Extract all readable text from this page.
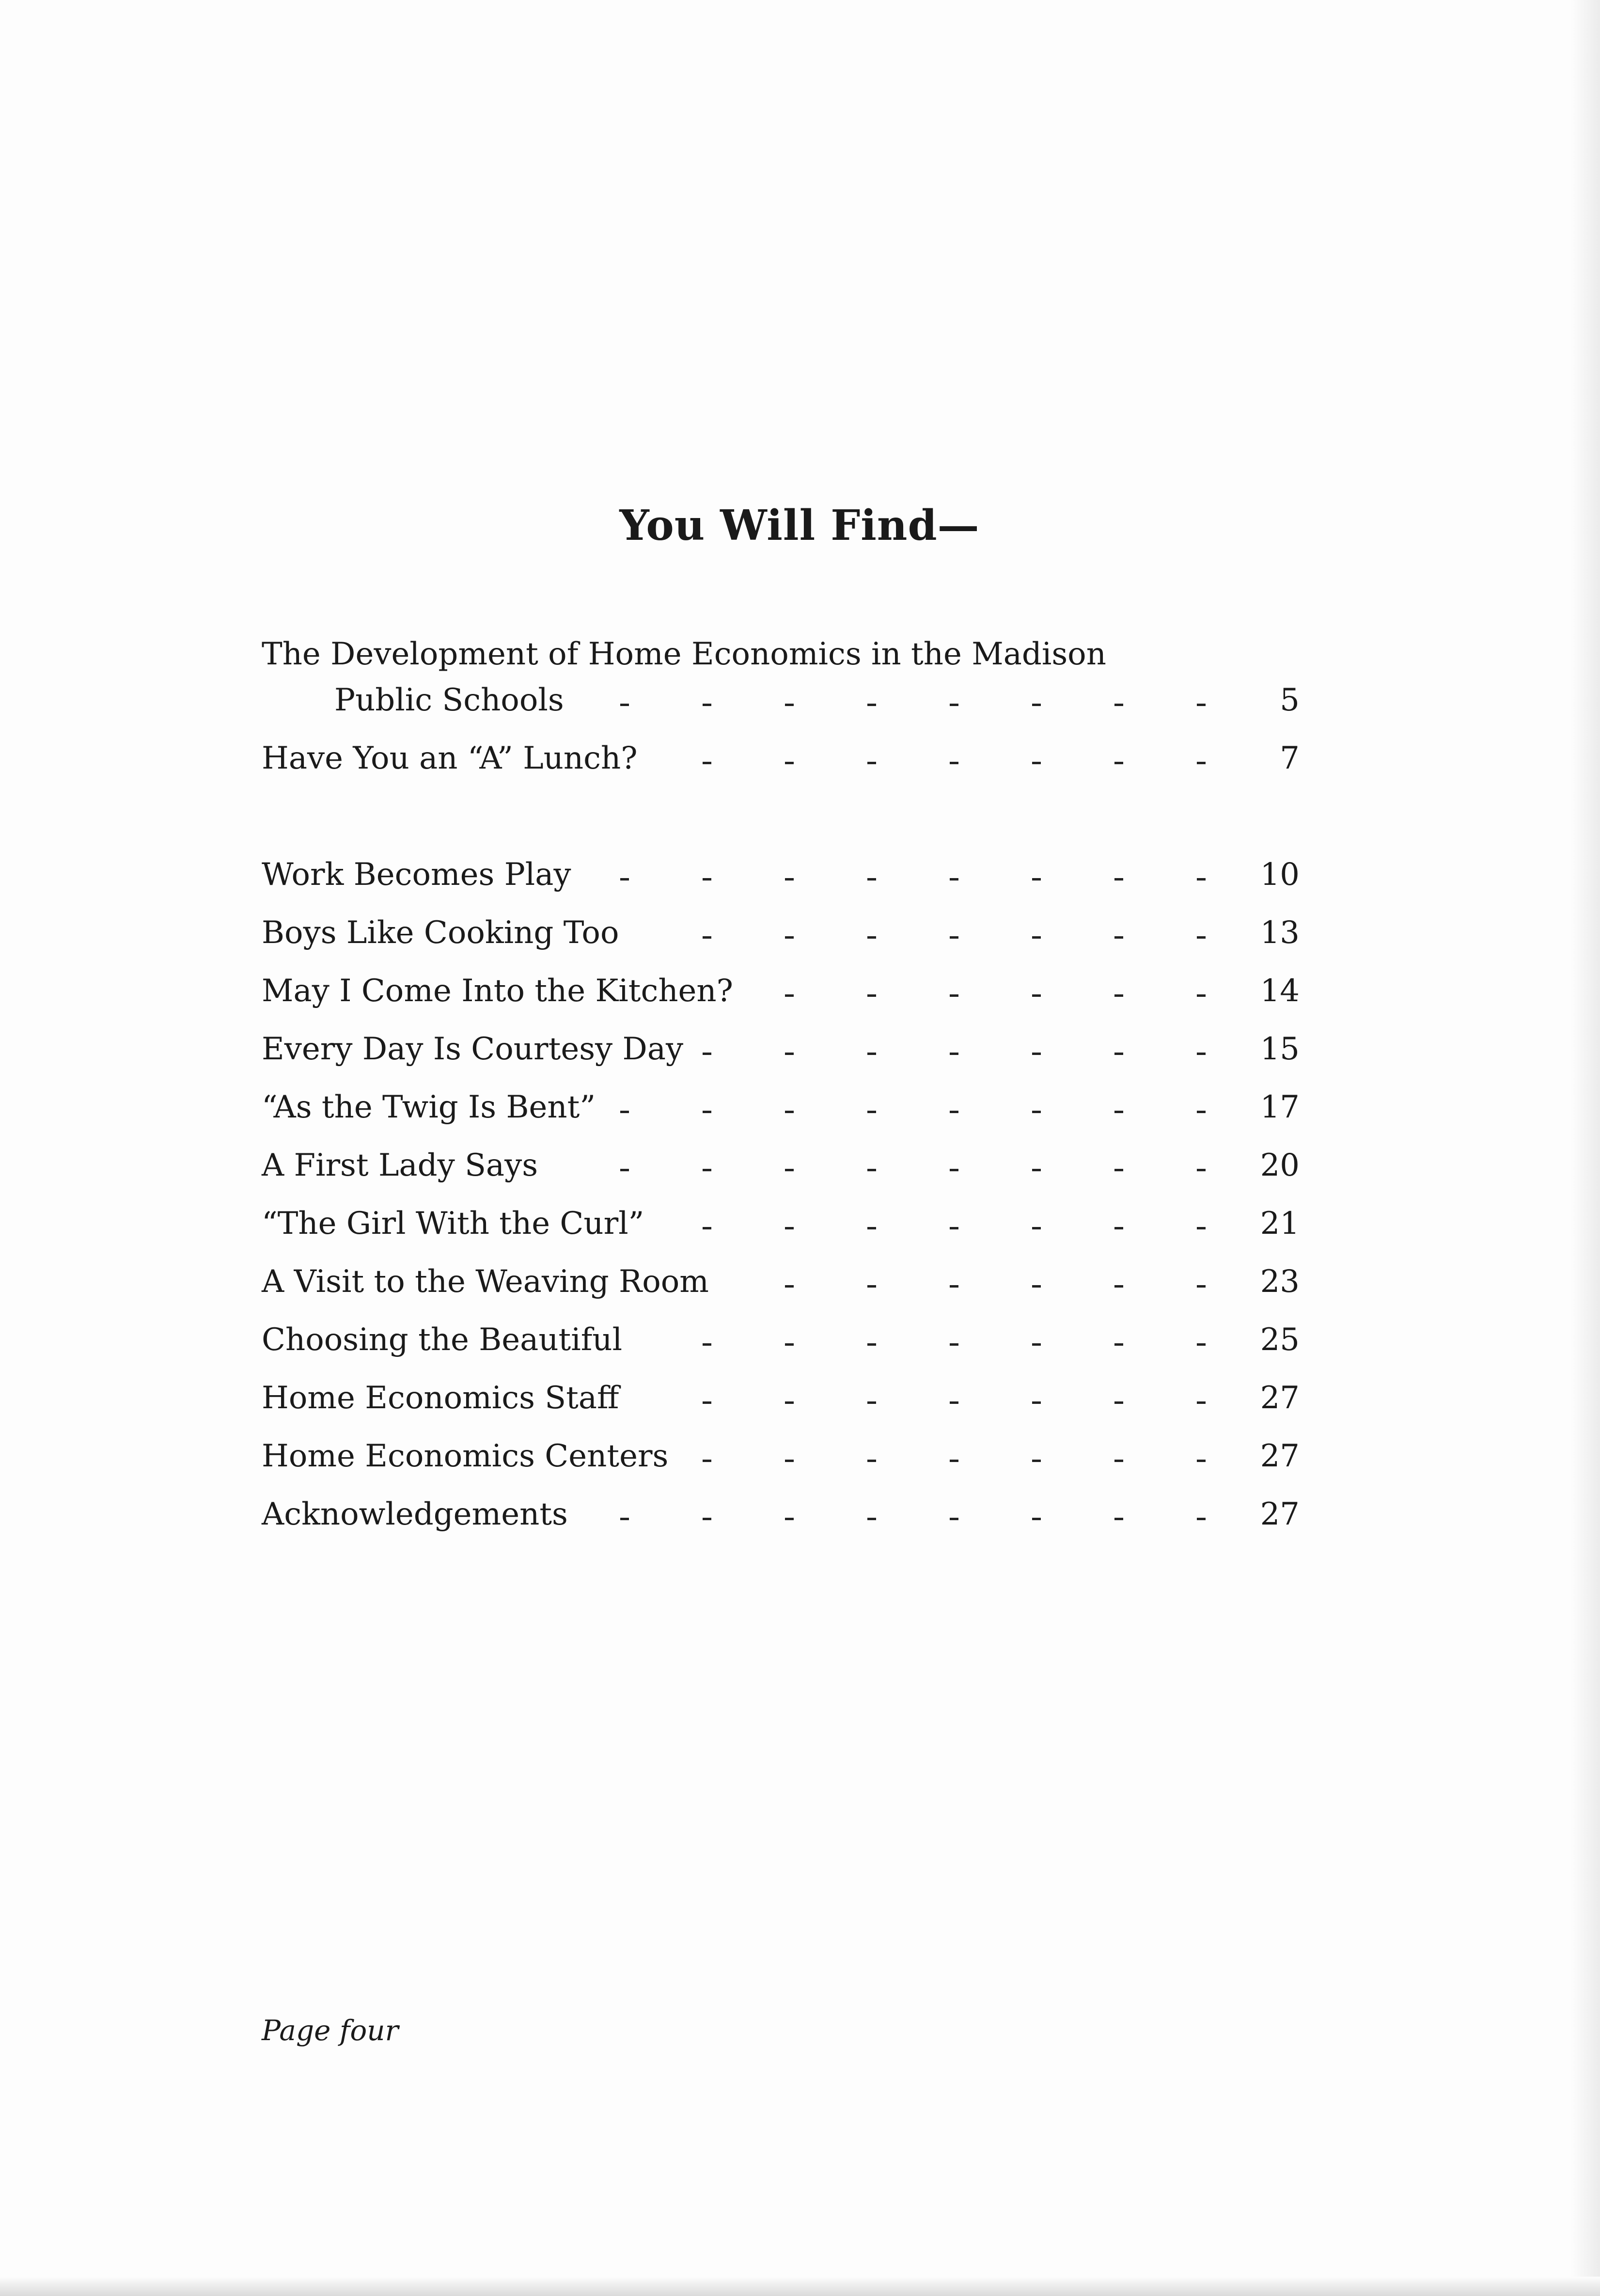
You Will Find—
The Development of Home Economics in the Madison
Public Schools	5
Have You an “A” Lunch?	7
Work Becomes Play	10
Boys Like Cooking Too	13
May I Come Into the Kitchen?	14
Every Day Is Courtesy Day	15
“As the Twig Is Bent”	17
A First Lady Says	20
“The Girl With the Curl”	21
A Visit to the Weaving Room	23
Choosing the Beautiful	25
Home Economics Staff	27
Home Economics Centers	27
Acknowledgements	27
Page four
